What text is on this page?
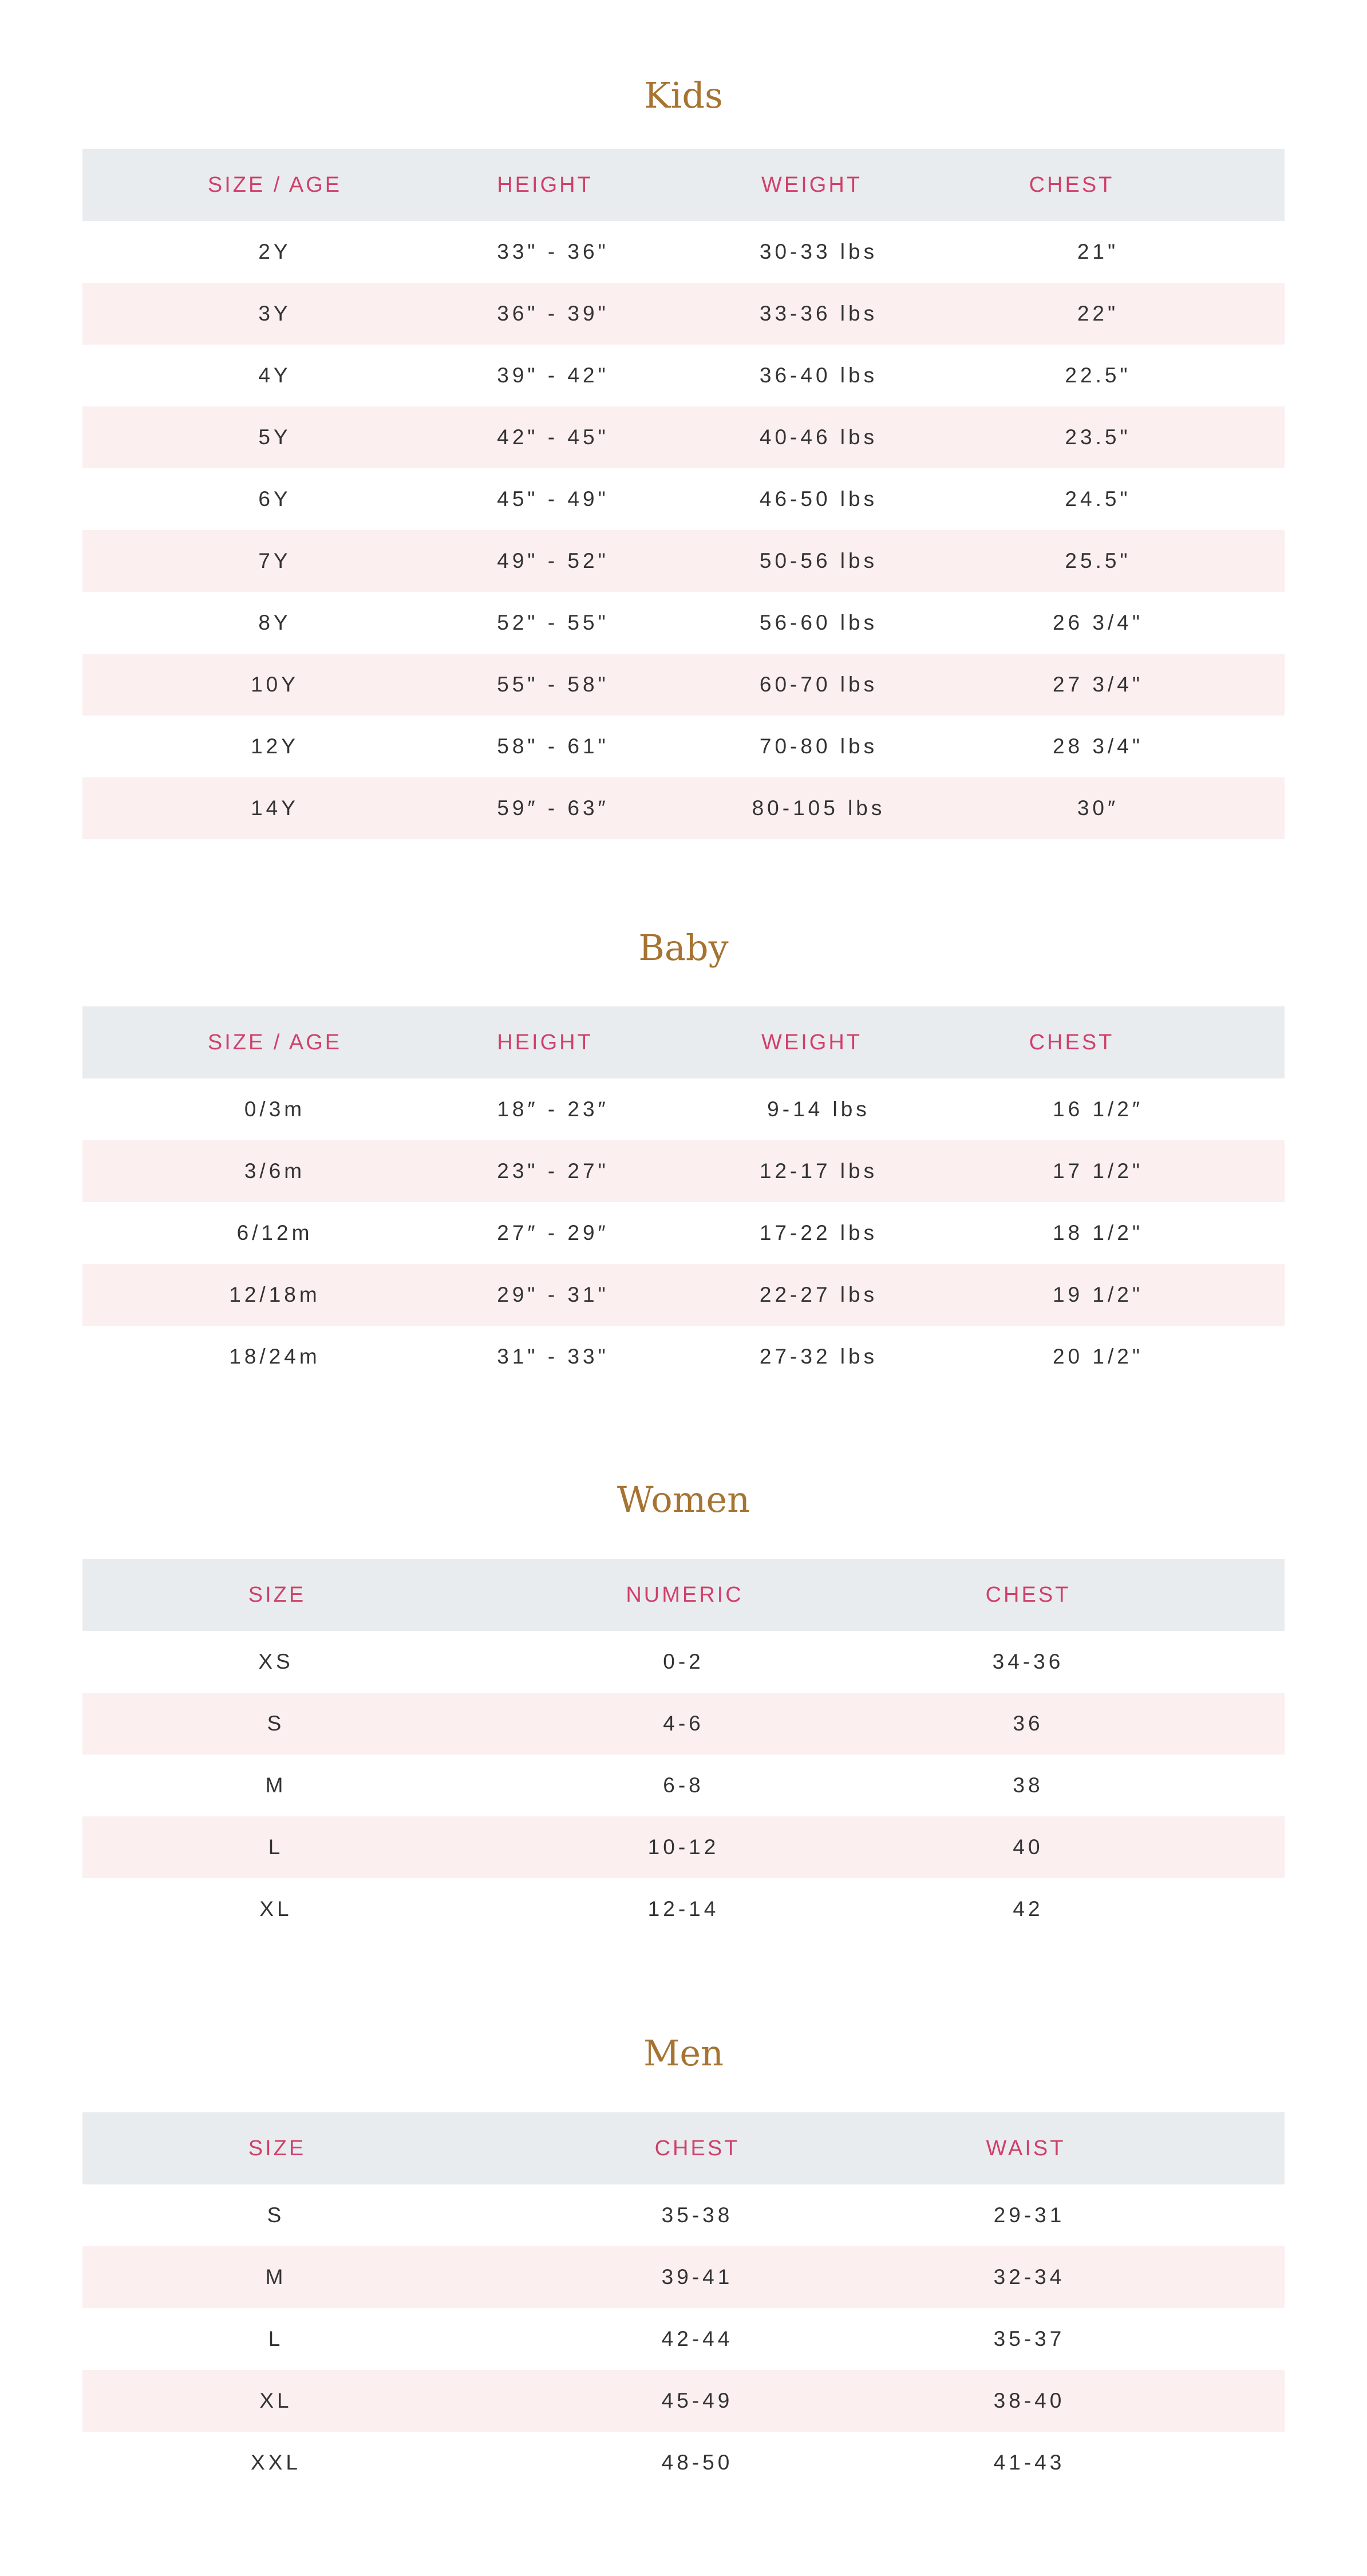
Kids
SIZE / AGE	HEIGHT	WEIGHT	CHEST
2Y	33" - 36"	30-33 lbs	21"
3Y	36" - 39"	33-36 lbs	22"
4Y	39" - 42"	36-40 lbs	22.5"
5Y	42" - 45"	40-46 lbs	23.5"
6Y	45" - 49"	46-50 lbs	24.5"
7Y	49" - 52"	50-56 lbs	25.5"
8Y	52" - 55"	56-60 lbs	26 3/4"
10Y	55" - 58"	60-70 lbs	27 3/4"
12Y	58" - 61"	70-80 lbs	28 3/4"
14Y	59″ - 63″	80-105 lbs	30″
Baby
SIZE / AGE	HEIGHT	WEIGHT	CHEST
0/3m	18″ - 23″	9-14 lbs	16 1/2″
3/6m	23" - 27"	12-17 lbs	17 1/2"
6/12m	27″ - 29″	17-22 lbs	18 1/2"
12/18m	29" - 31"	22-27 lbs	19 1/2"
18/24m	31" - 33"	27-32 lbs	20 1/2"
Women
SIZE	NUMERIC	CHEST
XS	0-2	34-36
S	4-6	36
M	6-8	38
L	10-12	40
XL	12-14	42
Men
SIZE	CHEST	WAIST
S	35-38	29-31
M	39-41	32-34
L	42-44	35-37
XL	45-49	38-40
XXL	48-50	41-43
